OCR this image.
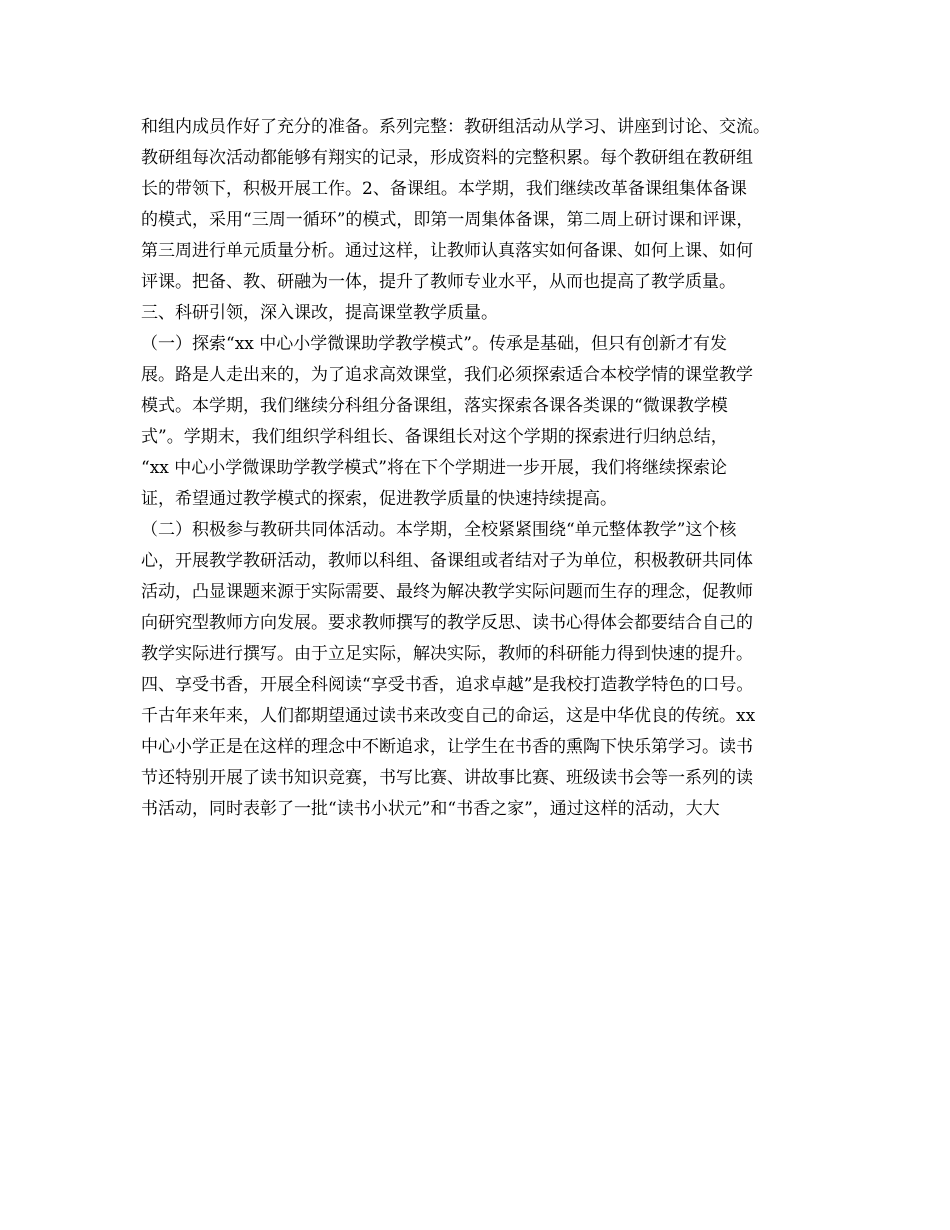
和组内成员作好了充分的准备。系列完整：教研组活动从学习、讲座到讨论、交流。

教研组每次活动都能够有翔实的记录，形成资料的完整积累。每个教研组在教研组

长的带领下，积极开展工作。2、备课组。本学期，我们继续改革备课组集体备课

的模式，采用“三周一循环”的模式，即第一周集体备课，第二周上研讨课和评课，

第三周进行单元质量分析。通过这样，让教师认真落实如何备课、如何上课、如何

评课。把备、教、研融为一体，提升了教师专业水平，从而也提高了教学质量。

三、科研引领，深入课改，提高课堂教学质量。

（一）探索“xx 中心小学微课助学教学模式”。传承是基础，但只有创新才有发

展。路是人走出来的，为了追求高效课堂，我们必须探索适合本校学情的课堂教学

模式。本学期，我们继续分科组分备课组，落实探索各课各类课的“微课教学模

式”。学期末，我们组织学科组长、备课组长对这个学期的探索进行归纳总结，

“xx 中心小学微课助学教学模式”将在下个学期进一步开展，我们将继续探索论

证，希望通过教学模式的探索，促进教学质量的快速持续提高。

（二）积极参与教研共同体活动。本学期，全校紧紧围绕“单元整体教学”这个核

心，开展教学教研活动，教师以科组、备课组或者结对子为单位，积极教研共同体

活动，凸显课题来源于实际需要、最终为解决教学实际问题而生存的理念，促教师

向研究型教师方向发展。要求教师撰写的教学反思、读书心得体会都要结合自己的

教学实际进行撰写。由于立足实际，解决实际，教师的科研能力得到快速的提升。

四、享受书香，开展全科阅读“享受书香，追求卓越”是我校打造教学特色的口号。

千古年来年来，人们都期望通过读书来改变自己的命运，这是中华优良的传统。xx

中心小学正是在这样的理念中不断追求，让学生在书香的熏陶下快乐第学习。读书

节还特别开展了读书知识竞赛，书写比赛、讲故事比赛、班级读书会等一系列的读

书活动，同时表彰了一批“读书小状元”和“书香之家”，通过这样的活动，大大
